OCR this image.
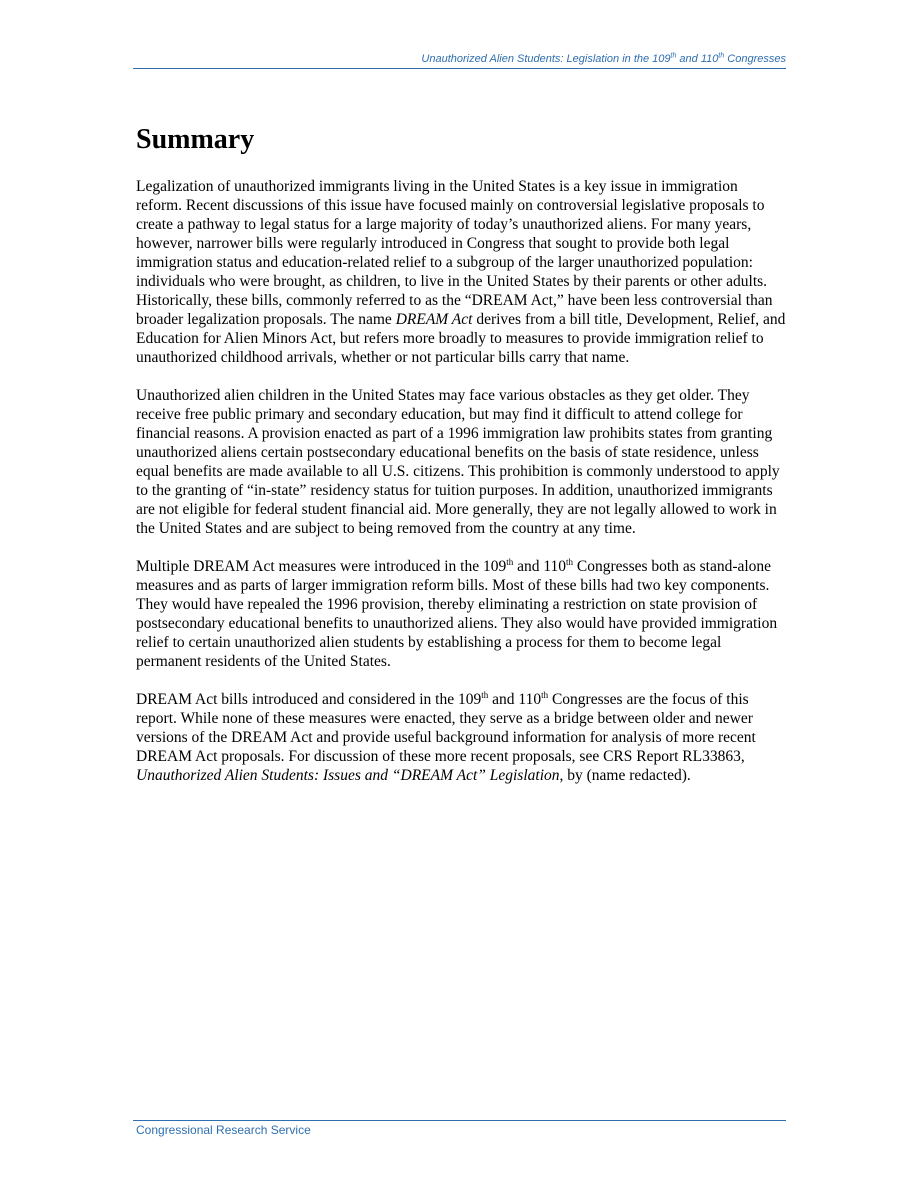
Unauthorized Alien Students: Legislation in the 109th and 110th Congresses
Summary

Legalization of unauthorized immigrants living in the United States is a key issue in immigration reform. Recent discussions of this issue have focused mainly on controversial legislative proposals to create a pathway to legal status for a large majority of today’s unauthorized aliens. For many years, however, narrower bills were regularly introduced in Congress that sought to provide both legal immigration status and education-related relief to a subgroup of the larger unauthorized population: individuals who were brought, as children, to live in the United States by their parents or other adults. Historically, these bills, commonly referred to as the “DREAM Act,” have been less controversial than broader legalization proposals. The name DREAM Act derives from a bill title, Development, Relief, and Education for Alien Minors Act, but refers more broadly to measures to provide immigration relief to unauthorized childhood arrivals, whether or not particular bills carry that name.

Unauthorized alien children in the United States may face various obstacles as they get older. They receive free public primary and secondary education, but may find it difficult to attend college for financial reasons. A provision enacted as part of a 1996 immigration law prohibits states from granting unauthorized aliens certain postsecondary educational benefits on the basis of state residence, unless equal benefits are made available to all U.S. citizens. This prohibition is commonly understood to apply to the granting of “in-state” residency status for tuition purposes. In addition, unauthorized immigrants are not eligible for federal student financial aid. More generally, they are not legally allowed to work in the United States and are subject to being removed from the country at any time.

Multiple DREAM Act measures were introduced in the 109th and 110th Congresses both as stand-alone measures and as parts of larger immigration reform bills. Most of these bills had two key components. They would have repealed the 1996 provision, thereby eliminating a restriction on state provision of postsecondary educational benefits to unauthorized aliens. They also would have provided immigration relief to certain unauthorized alien students by establishing a process for them to become legal permanent residents of the United States.

DREAM Act bills introduced and considered in the 109th and 110th Congresses are the focus of this report. While none of these measures were enacted, they serve as a bridge between older and newer versions of the DREAM Act and provide useful background information for analysis of more recent DREAM Act proposals. For discussion of these more recent proposals, see CRS Report RL33863, Unauthorized Alien Students: Issues and “DREAM Act” Legislation, by (name redacted).

Congressional Research Service
